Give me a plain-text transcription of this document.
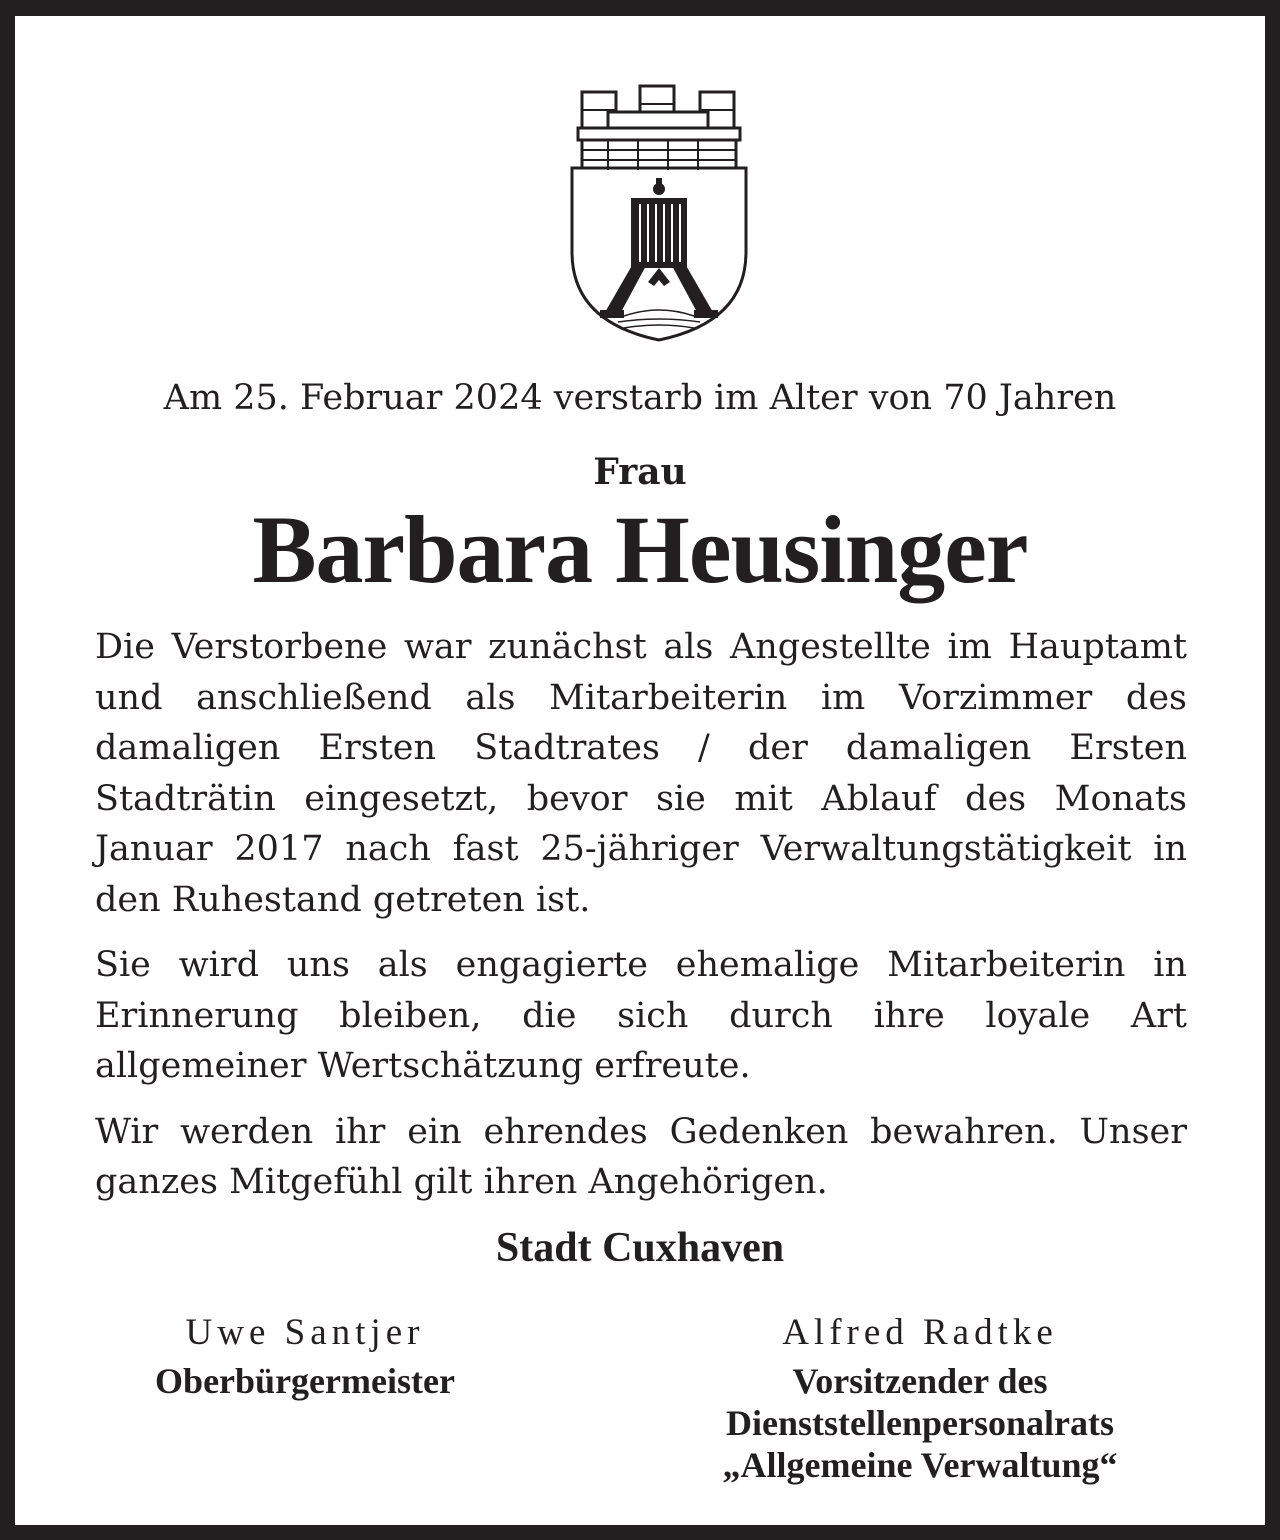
Am 25. Februar 2024 verstarb im Alter von 70 Jahren
Frau
Barbara Heusinger

Die Verstorbene war zunächst als Angestellte im Hauptamt und anschließend als Mitarbeiterin im Vorzimmer des damaligen Ersten Stadtrates / der damaligen Ersten Stadträtin eingesetzt, bevor sie mit Ablauf des Monats Januar 2017 nach fast 25-jähriger Verwaltungstätigkeit in den Ruhestand getreten ist.

Sie wird uns als engagierte ehemalige Mitarbeiterin in Erinnerung bleiben, die sich durch ihre loyale Art allgemeiner Wertschätzung erfreute.

Wir werden ihr ein ehrendes Gedenken bewahren. Unser ganzes Mitgefühl gilt ihren Angehörigen.

Stadt Cuxhaven
Uwe Santjer
Oberbürgermeister
Alfred Radtke
Vorsitzender des
Dienststellenpersonalrats
„Allgemeine Verwaltung“
